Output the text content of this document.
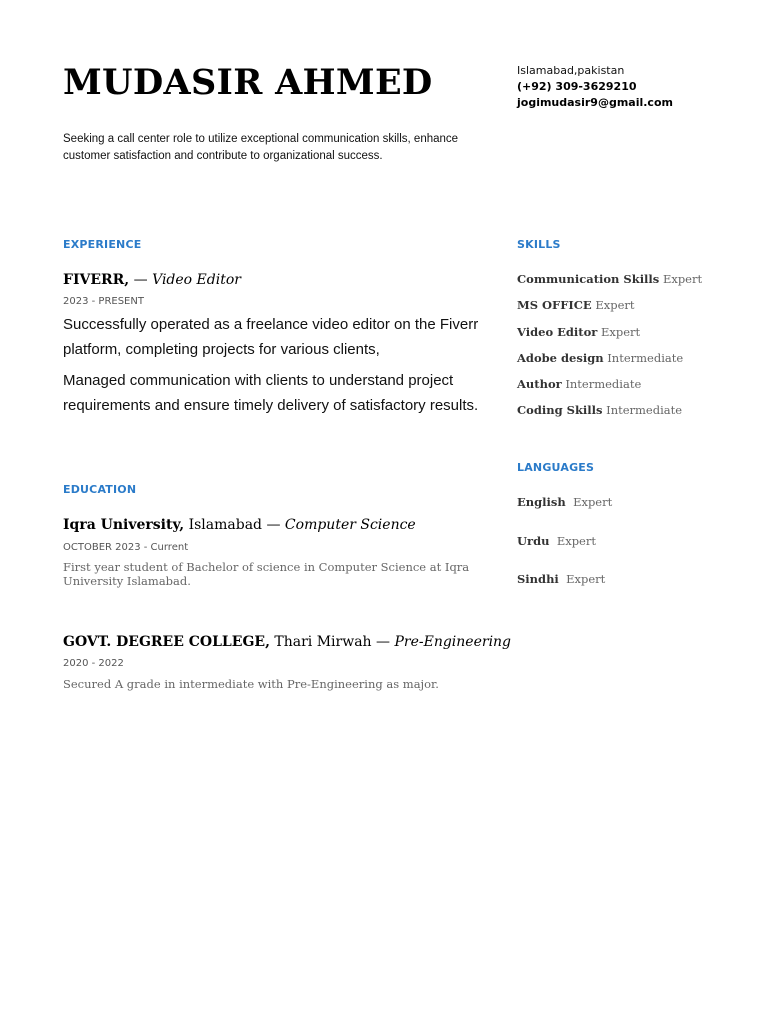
MUDASIR AHMED

Seeking a call center role to utilize exceptional communication skills, enhance customer satisfaction and contribute to organizational success.

Islamabad,pakistan
(+92) 309-3629210
jogimudasir9@gmail.com
EXPERIENCE
FIVERR, — Video Editor
2023 - PRESENT

Successfully operated as a freelance video editor on the Fiverr platform, completing projects for various clients,

Managed communication with clients to understand project requirements and ensure timely delivery of satisfactory results.

EDUCATION
Iqra University, Islamabad — Computer Science
OCTOBER 2023 - Current

First year student of Bachelor of science in Computer Science at Iqra University Islamabad.

GOVT. DEGREE COLLEGE, Thari Mirwah — Pre-Engineering
2020 - 2022

Secured A grade in intermediate with Pre-Engineering as major.

SKILLS
Communication Skills Expert
MS OFFICE Expert
Video Editor Expert
Adobe design Intermediate
Author Intermediate
Coding Skills Intermediate
LANGUAGES
English Expert
Urdu Expert
Sindhi Expert
